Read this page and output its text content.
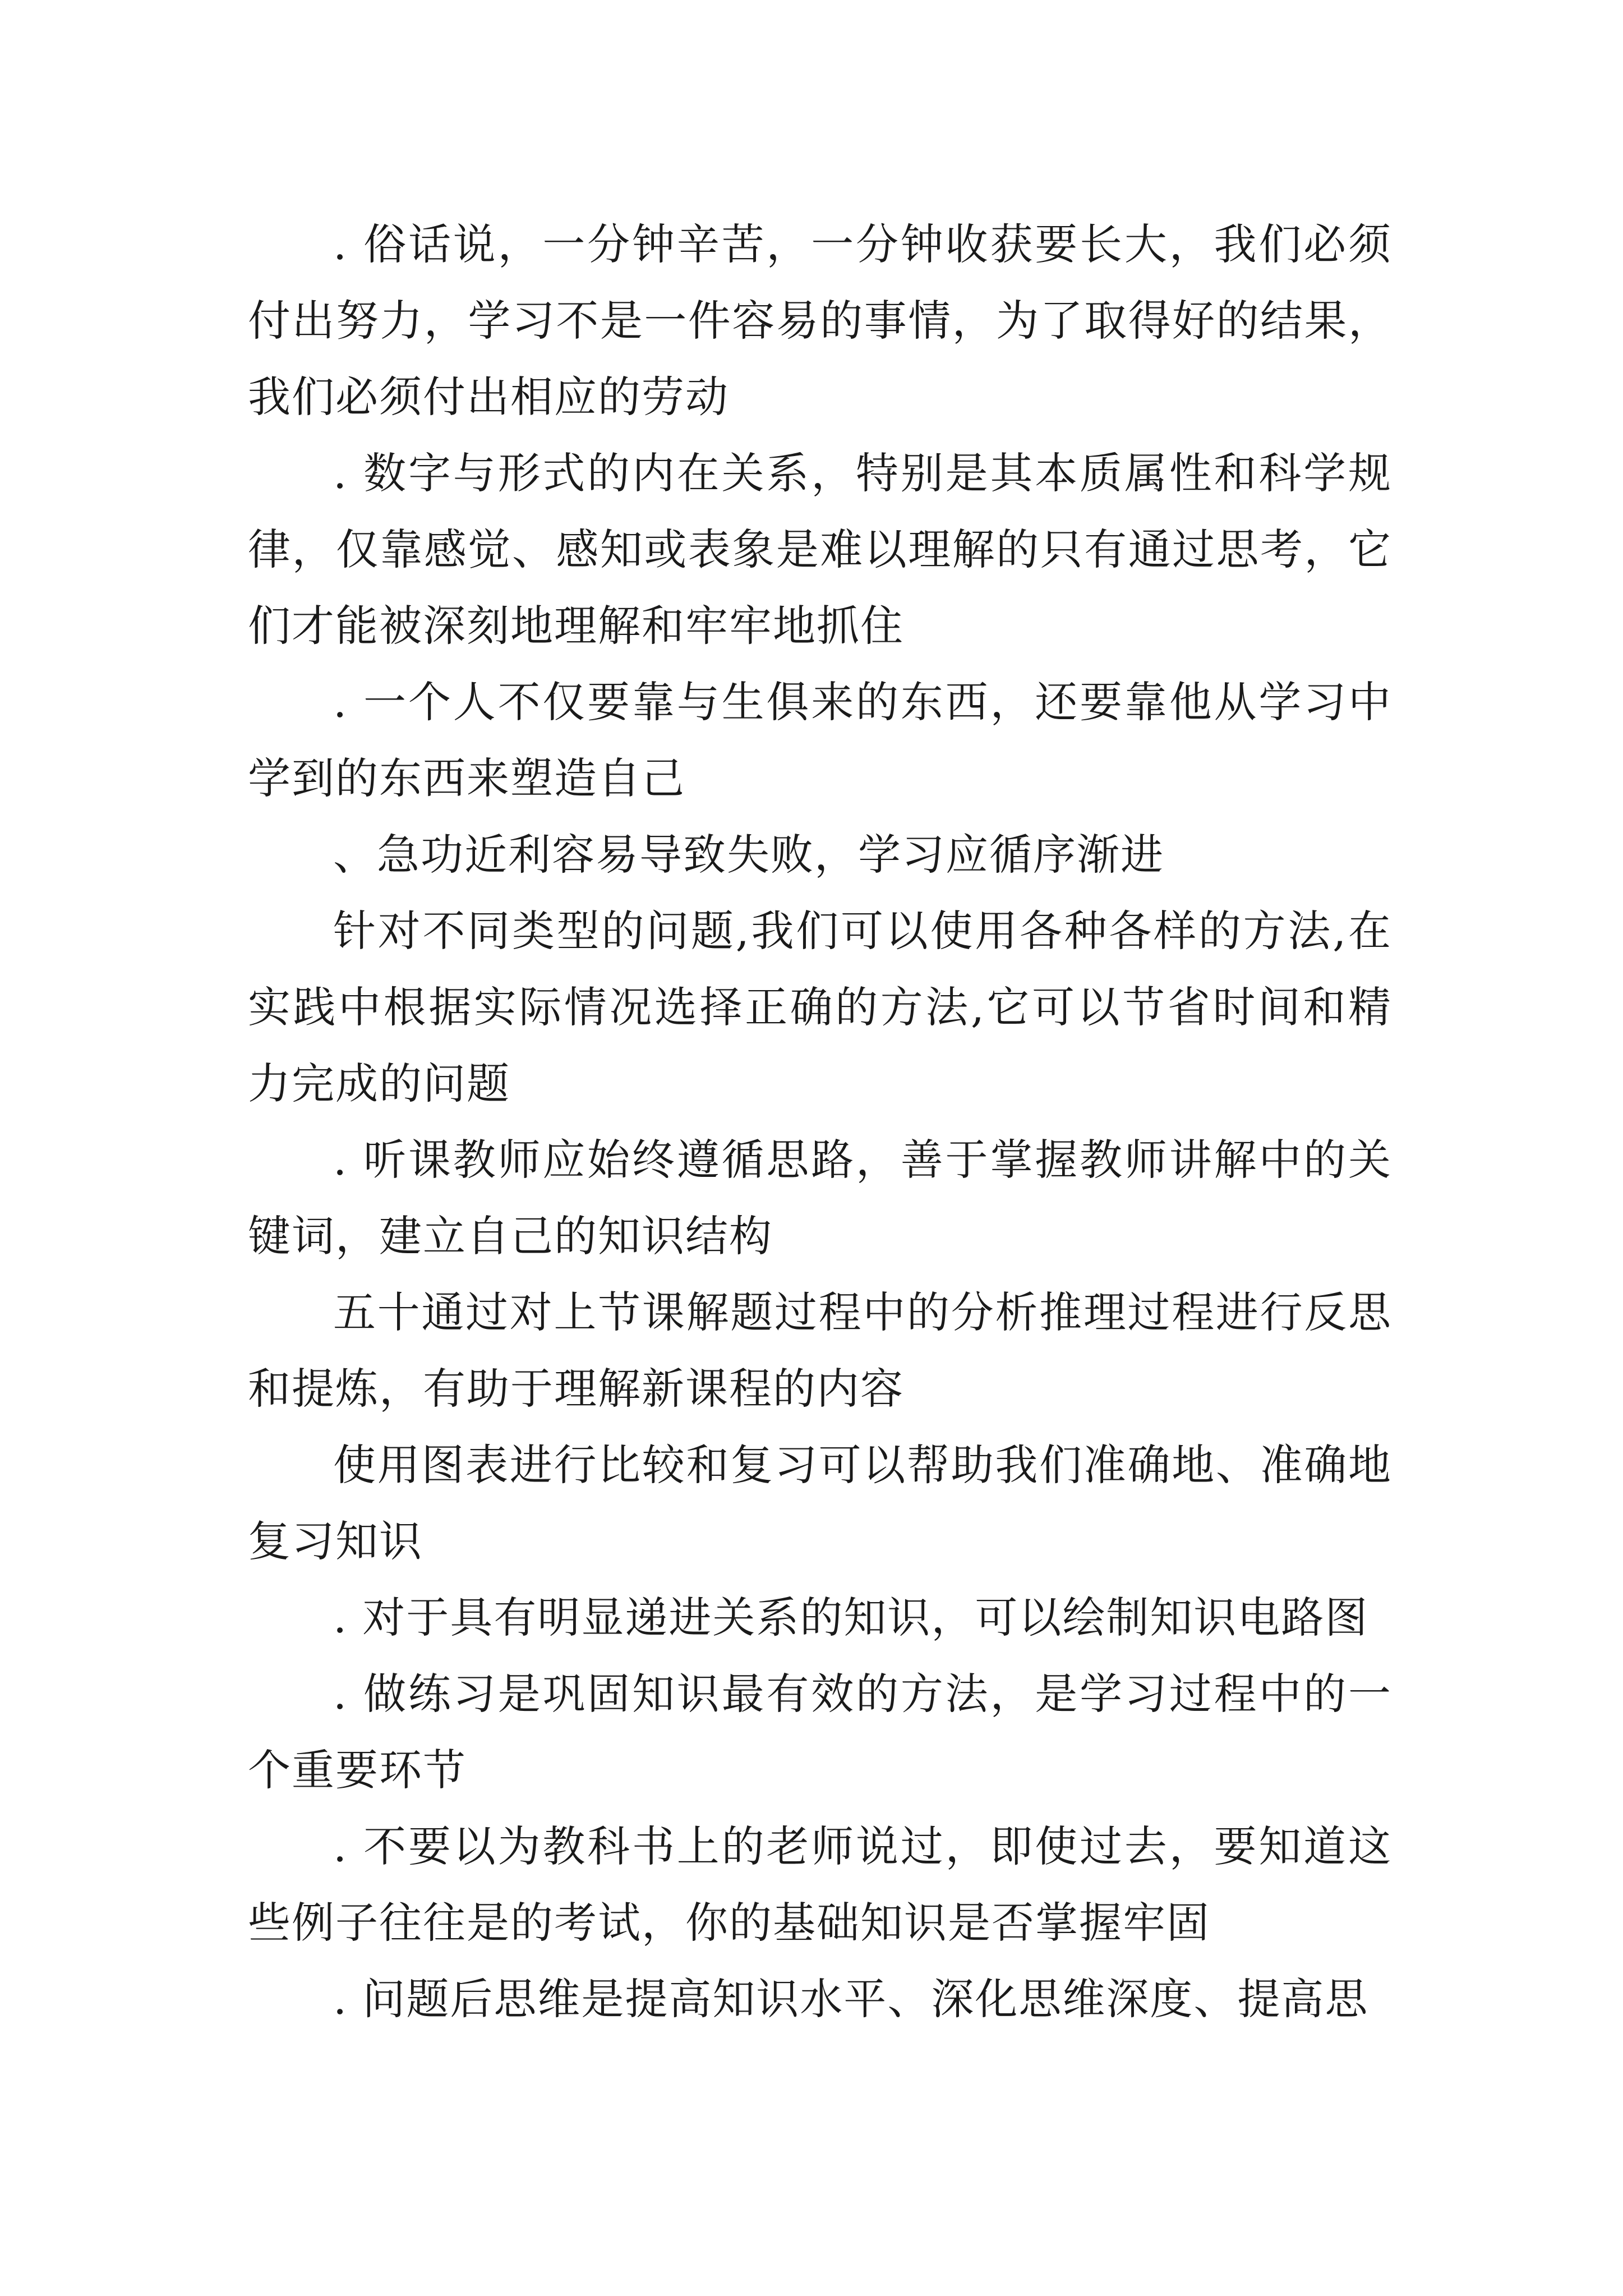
. 俗话说，一分钟辛苦，一分钟收获要长大，我们必须付出努力，学习不是一件容易的事情，为了取得好的结果，我们必须付出相应的劳动

. 数字与形式的内在关系，特别是其本质属性和科学规律，仅靠感觉、感知或表象是难以理解的只有通过思考，它们才能被深刻地理解和牢牢地抓住

. 一个人不仅要靠与生俱来的东西，还要靠他从学习中学到的东西来塑造自己

、急功近利容易导致失败，学习应循序渐进

针对不同类型的问题,我们可以使用各种各样的方法,在实践中根据实际情况选择正确的方法,它可以节省时间和精力完成的问题

. 听课教师应始终遵循思路，善于掌握教师讲解中的关键词，建立自己的知识结构

五十通过对上节课解题过程中的分析推理过程进行反思和提炼，有助于理解新课程的内容

使用图表进行比较和复习可以帮助我们准确地、准确地复习知识

. 对于具有明显递进关系的知识，可以绘制知识电路图

. 做练习是巩固知识最有效的方法，是学习过程中的一个重要环节

. 不要以为教科书上的老师说过，即使过去，要知道这些例子往往是的考试，你的基础知识是否掌握牢固

. 问题后思维是提高知识水平、深化思维深度、提高思
